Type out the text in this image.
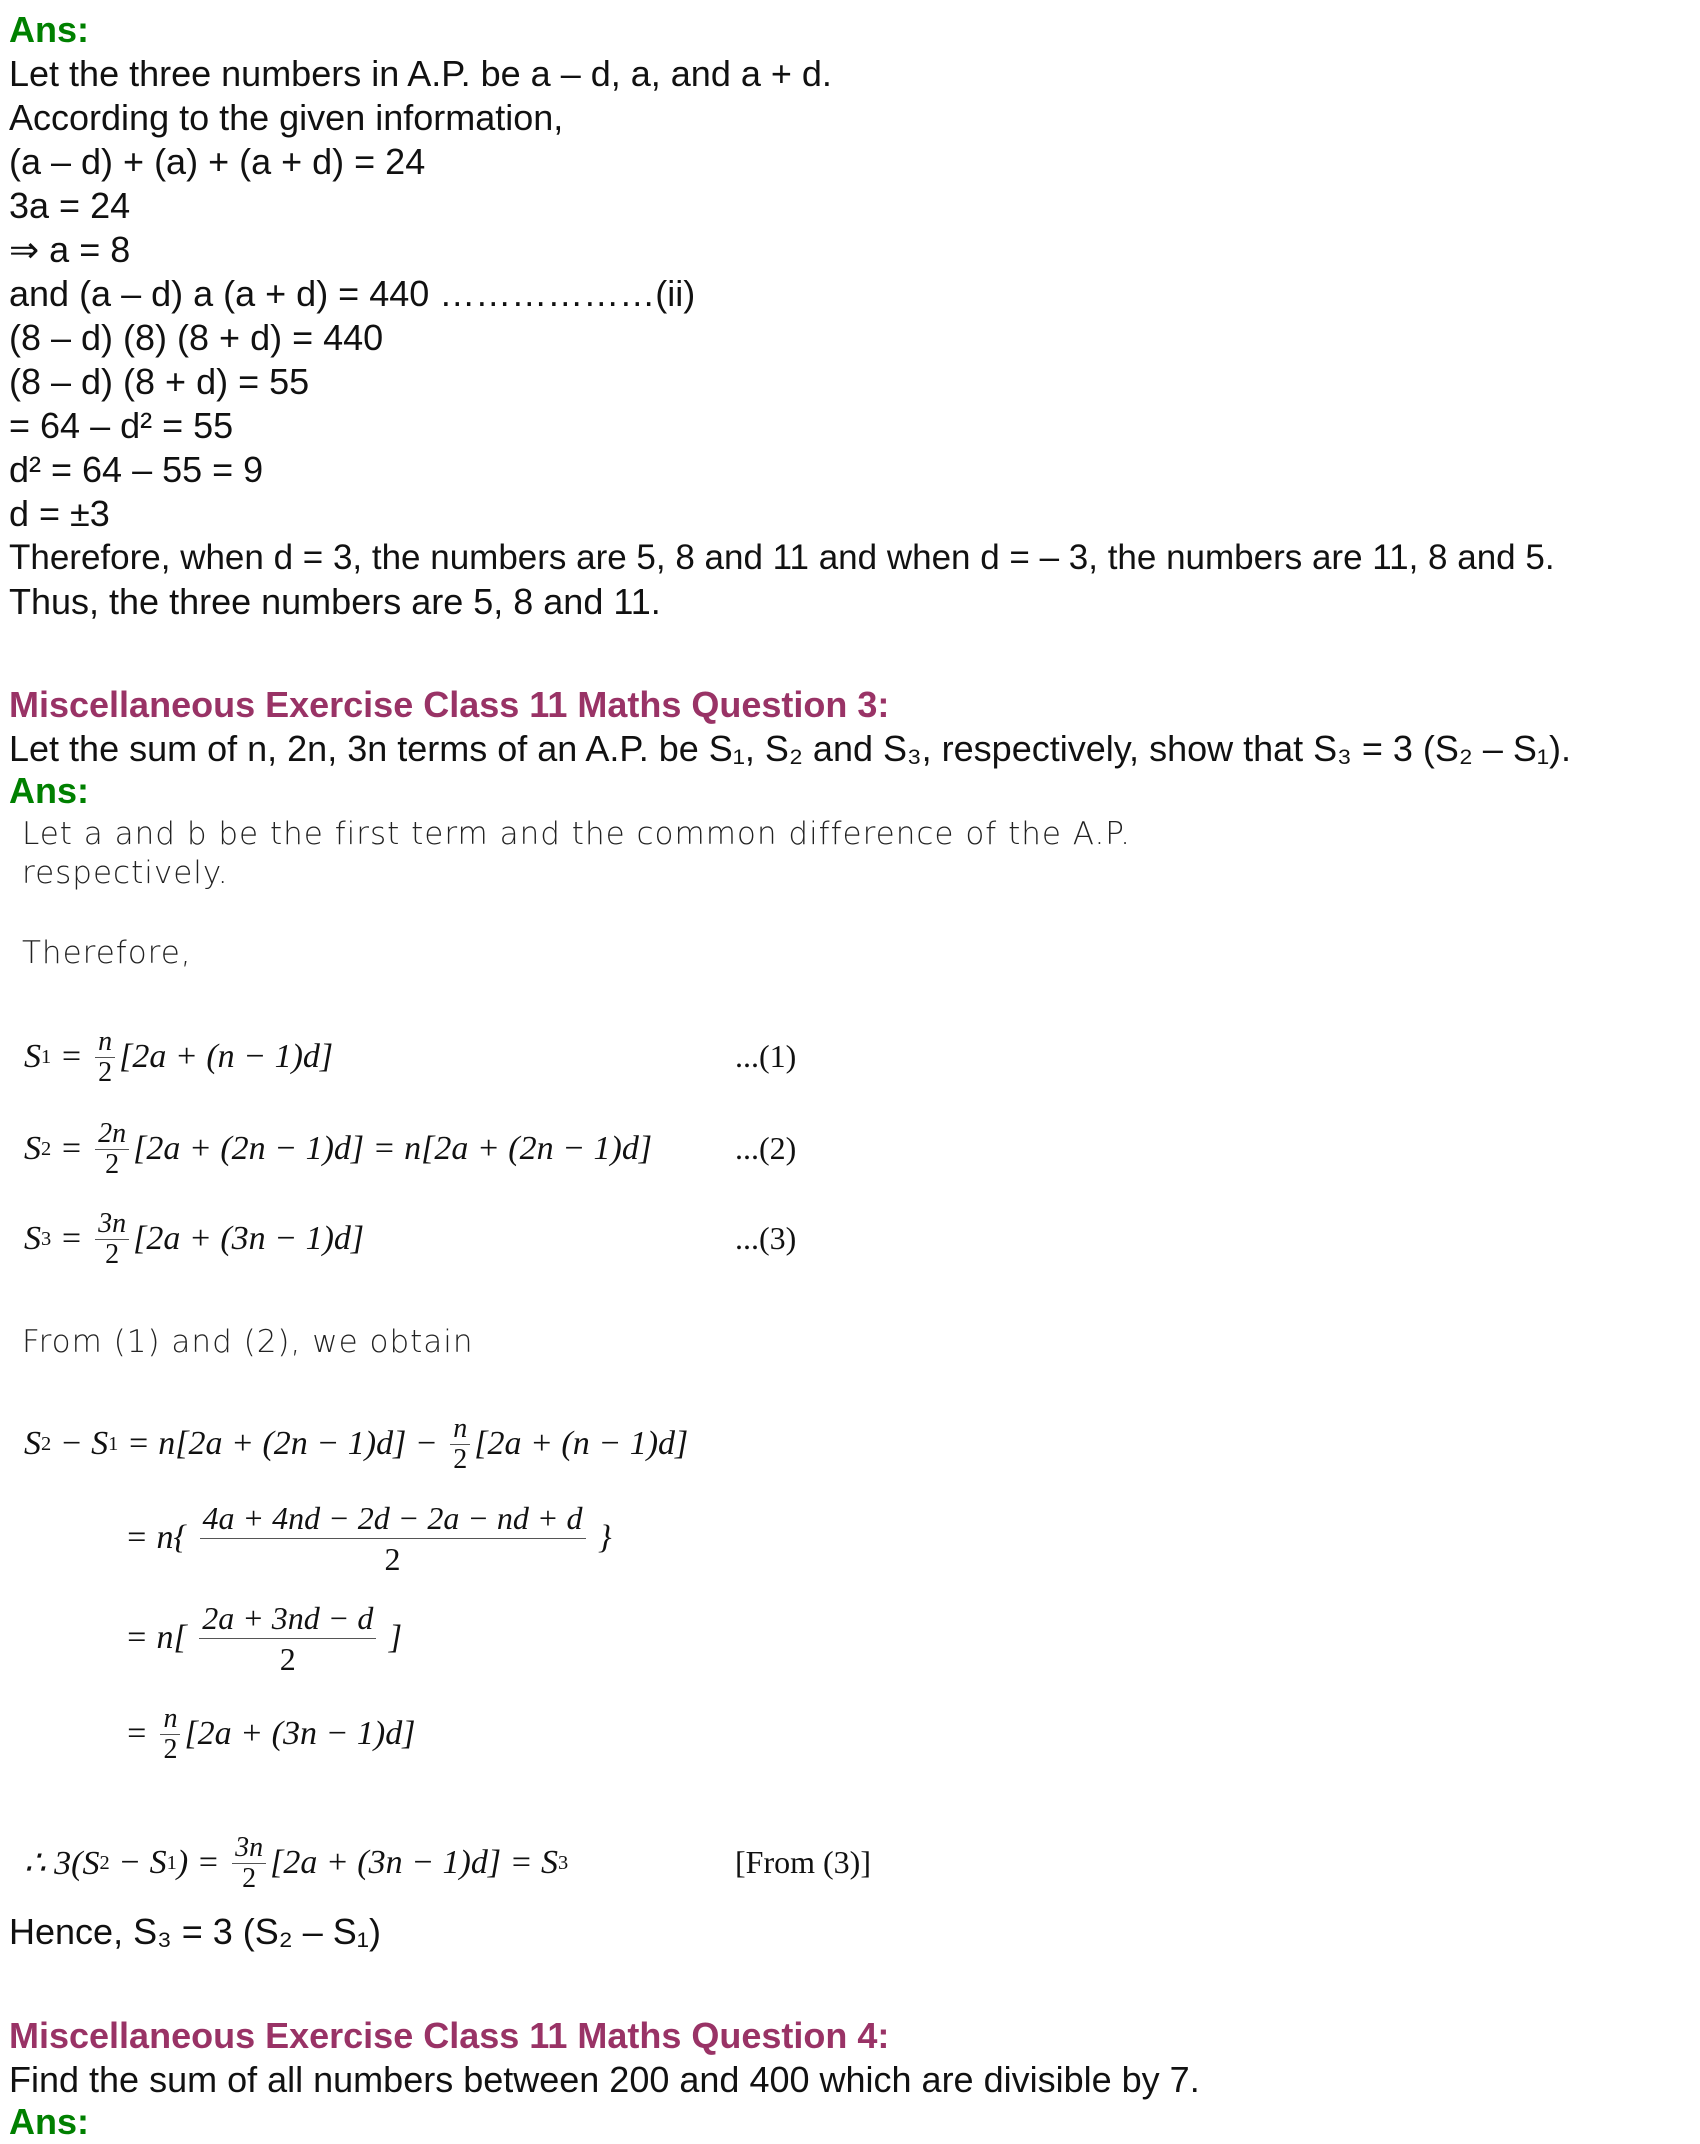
Ans:
Let the three numbers in A.P. be a – d, a, and a + d.
According to the given information,
(a – d) + (a) + (a + d) = 24
3a = 24
⇒ a = 8
and (a – d) a (a + d) = 440 ………………(ii)
(8 – d) (8) (8 + d) = 440
(8 – d) (8 + d) = 55
= 64 – d² = 55
d² = 64 – 55 = 9
d = ±3
Therefore, when d = 3, the numbers are 5, 8 and 11 and when d = – 3, the numbers are 11, 8 and 5.
Thus, the three numbers are 5, 8 and 11.
Miscellaneous Exercise Class 11 Maths Question 3:
Let the sum of n, 2n, 3n terms of an A.P. be S₁, S₂ and S₃, respectively, show that S₃ = 3 (S₂ – S₁).
Ans:
Let a and b be the first term and the common difference of the A.P.
respectively.
Therefore,
From (1) and (2), we obtain
S $1 = \frac{n}{2} [2a + (n - 1)d]$	...(1)
S $2 = \frac{2n}{2} [2a + (2n - 1)d] = n[2a + (2n - 1)d]$	...(2)
S $3 = \frac{3n}{2} [2a + (3n - 1)d]$	...(3)
S 2 − S $1 = n[2a + (2n - 1)d] - \frac{n}{2} [2a + (n - 1)d]$
= $n\{ \frac{4a + 4nd - 2d - 2a - nd + d}{2}$ }
= $n[ \frac{2a + 3nd - d}{2}$ ]
= $\frac{n}{2} [2a + (3n - 1)d]$
∴ 3(S 2 − S 1 ) = $\frac{3n}{2} [2a + (3n - 1)d] = S$ 3	[From (3)]
Hence, S₃ = 3 (S₂ – S₁)
Miscellaneous Exercise Class 11 Maths Question 4:
Find the sum of all numbers between 200 and 400 which are divisible by 7.
Ans:
